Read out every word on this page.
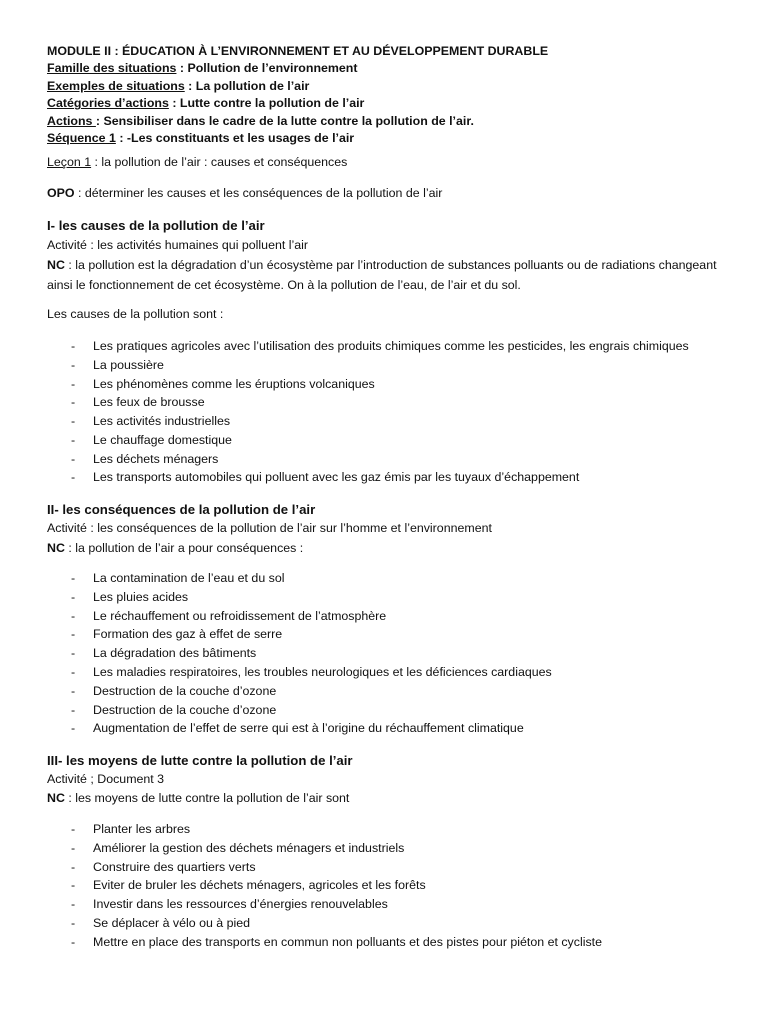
MODULE II : ÉDUCATION À L’ENVIRONNEMENT ET AU DÉVELOPPEMENT DURABLE
Famille des situations : Pollution de l’environnement
Exemples de situations : La pollution de l’air
Catégories d’actions : Lutte contre la pollution de l’air
Actions : Sensibiliser dans le cadre de la lutte contre la pollution de l’air.
Séquence 1 : -Les constituants et les usages de l’air
Leçon 1 : la pollution de l’air : causes et conséquences
OPO : déterminer les causes et les conséquences de la pollution de l’air
I- les causes de la pollution de l’air
Activité : les activités humaines qui polluent l’air
NC : la pollution est la dégradation d’un écosystème par l’introduction de substances polluants ou de radiations changeant ainsi le fonctionnement de cet écosystème. On à la pollution de l’eau, de l’air et du sol.
Les causes de la pollution sont :
- Les pratiques agricoles avec l’utilisation des produits chimiques comme les pesticides, les engrais chimiques
- La poussière
- Les phénomènes comme les éruptions volcaniques
- Les feux de brousse
- Les activités industrielles
- Le chauffage domestique
- Les déchets ménagers
- Les transports automobiles qui polluent avec les gaz émis par les tuyaux d’échappement
II- les conséquences de la pollution de l’air
Activité : les conséquences de la pollution de l’air sur l’homme et l’environnement
NC : la pollution de l’air a pour conséquences :
- La contamination de l’eau et du sol
- Les pluies acides
- Le réchauffement ou refroidissement de l’atmosphère
- Formation des gaz à effet de serre
- La dégradation des bâtiments
- Les maladies respiratoires, les troubles neurologiques et les déficiences cardiaques
- Destruction de la couche d’ozone
- Destruction de la couche d’ozone
- Augmentation de l’effet de serre qui est à l’origine du réchauffement climatique
III- les moyens de lutte contre la pollution de l’air
Activité ; Document 3
NC : les moyens de lutte contre la pollution de l’air sont
- Planter les arbres
- Améliorer la gestion des déchets ménagers et industriels
- Construire des quartiers verts
- Eviter de bruler les déchets ménagers, agricoles et les forêts
- Investir dans les ressources d’énergies renouvelables
- Se déplacer à vélo ou à pied
- Mettre en place des transports en commun non polluants et des pistes pour piéton et cycliste
